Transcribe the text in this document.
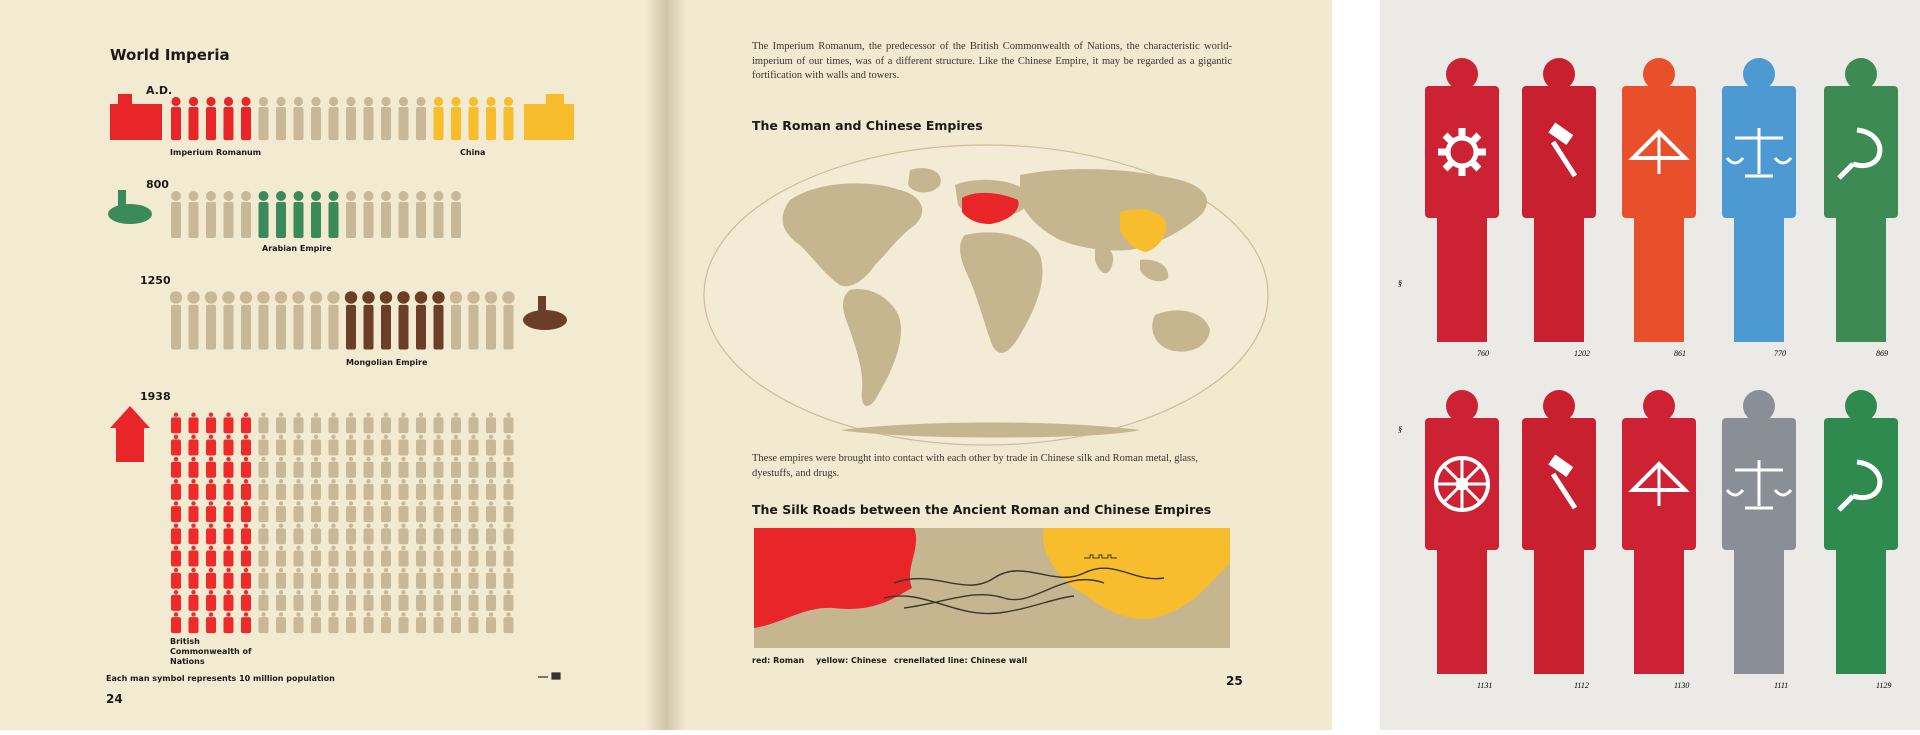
World Imperia
A.D.
800
1250
1938
Imperium Romanum	China
Arabian Empire
Mongolian Empire
British Commonwealth of Nations
Each man symbol represents 10 million population
24
The Imperium Romanum, the predecessor of the British Commonwealth of Nations, the characteristic world-imperium of our times, was of a different structure. Like the Chinese Empire, it may be regarded as a gigantic fortification with walls and towers.
The Roman and Chinese Empires
These empires were brought into contact with each other by trade in Chinese silk and Roman metal, glass, dyestuffs, and drugs.
The Silk Roads between the Ancient Roman and Chinese Empires
red: Roman yellow: Chinese crenellated line: Chinese wall
25
760	1202	861	770	869
1131	1112	1130	1111	1129
§
§
